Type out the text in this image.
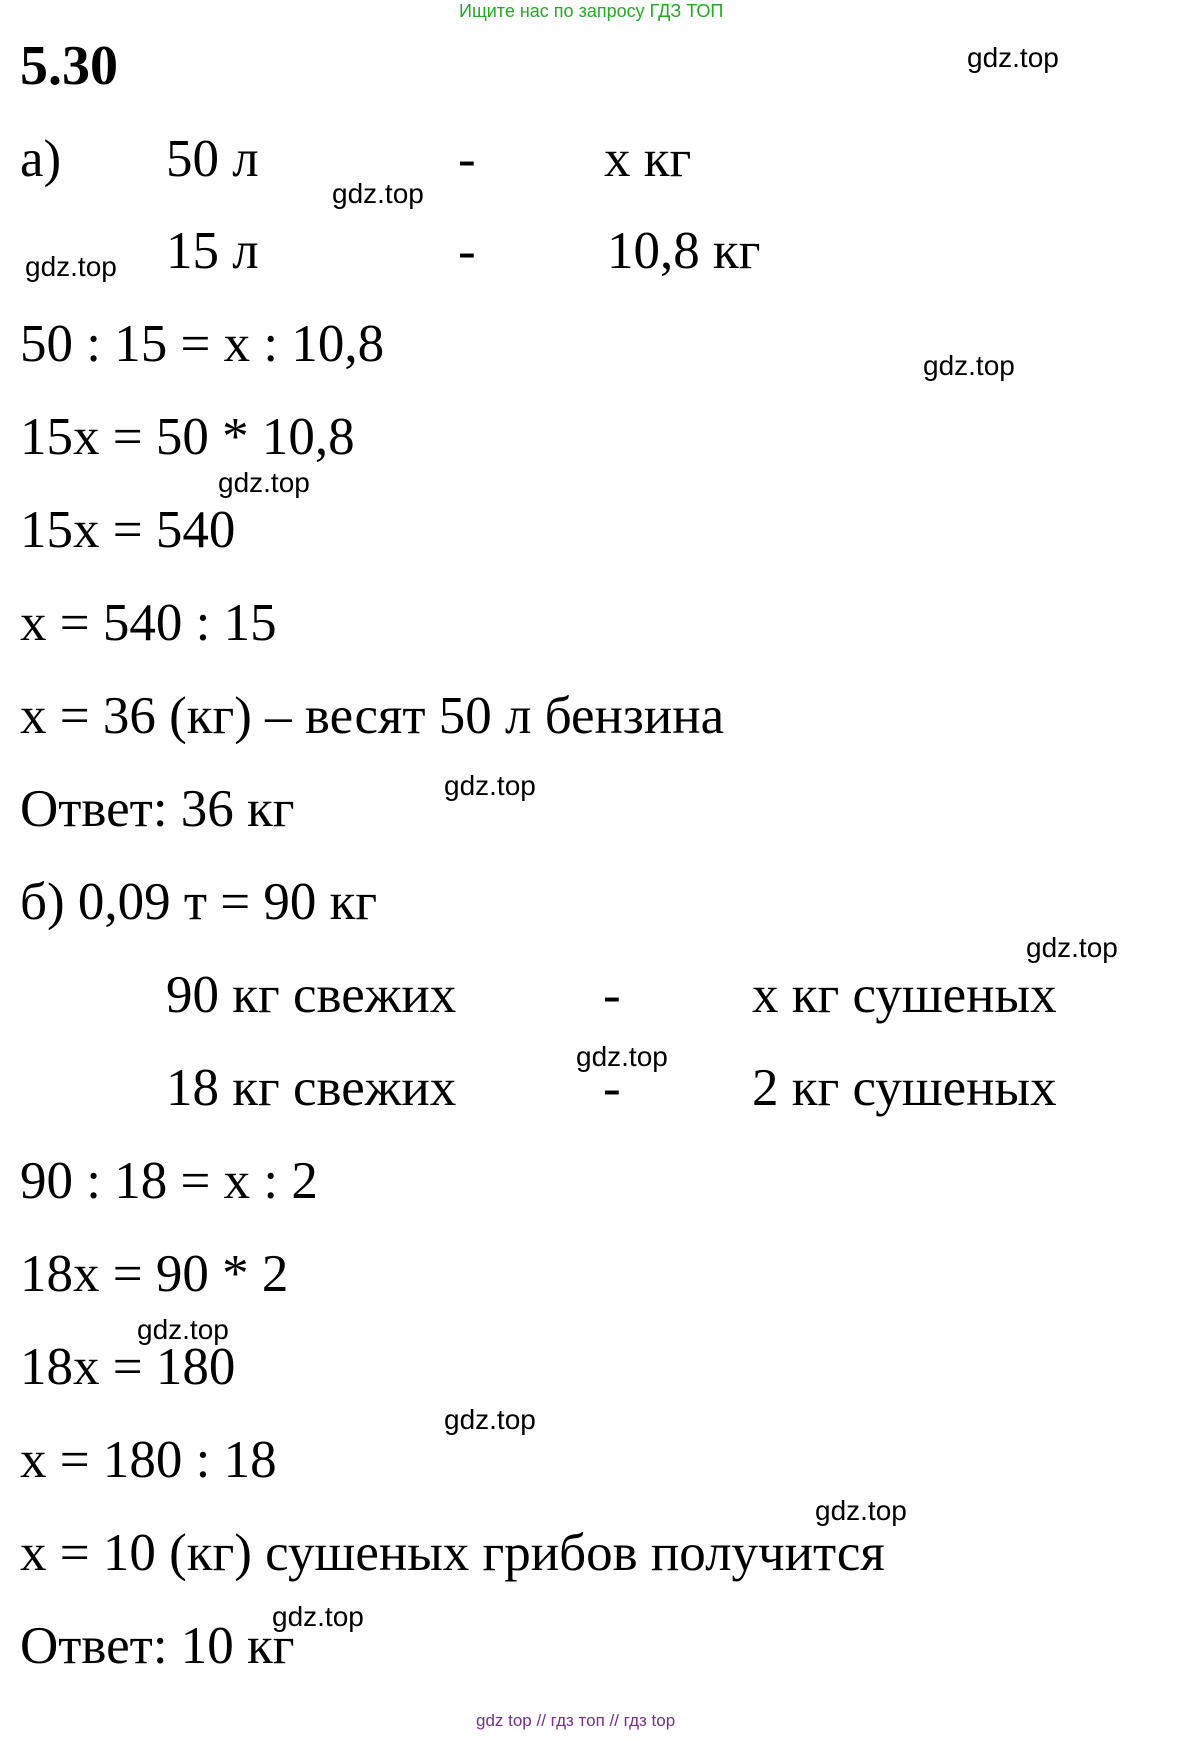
Ищите нас по запросу ГДЗ ТОП
5.30
а) 50 л	- х кг
15 л	- 10,8 кг
50 : 15 = х : 10,8
15х = 50 * 10,8
15х = 540
х = 540 : 15
х = 36 (кг) – весят 50 л бензина
Ответ: 36 кг
б) 0,09 т = 90 кг
90 кг свежих	- х кг сушеных
18 кг свежих	- 2 кг сушеных
90 : 18 = х : 2
18х = 90 * 2
18х = 180
х = 180 : 18
х = 10 (кг) сушеных грибов получится
Ответ: 10 кг
gdz.top
gdz.top
gdz.top
gdz.top
gdz.top
gdz.top
gdz.top
gdz.top
gdz.top
gdz.top
gdz.top
gdz.top
gdz top // гдз топ // гдз top
